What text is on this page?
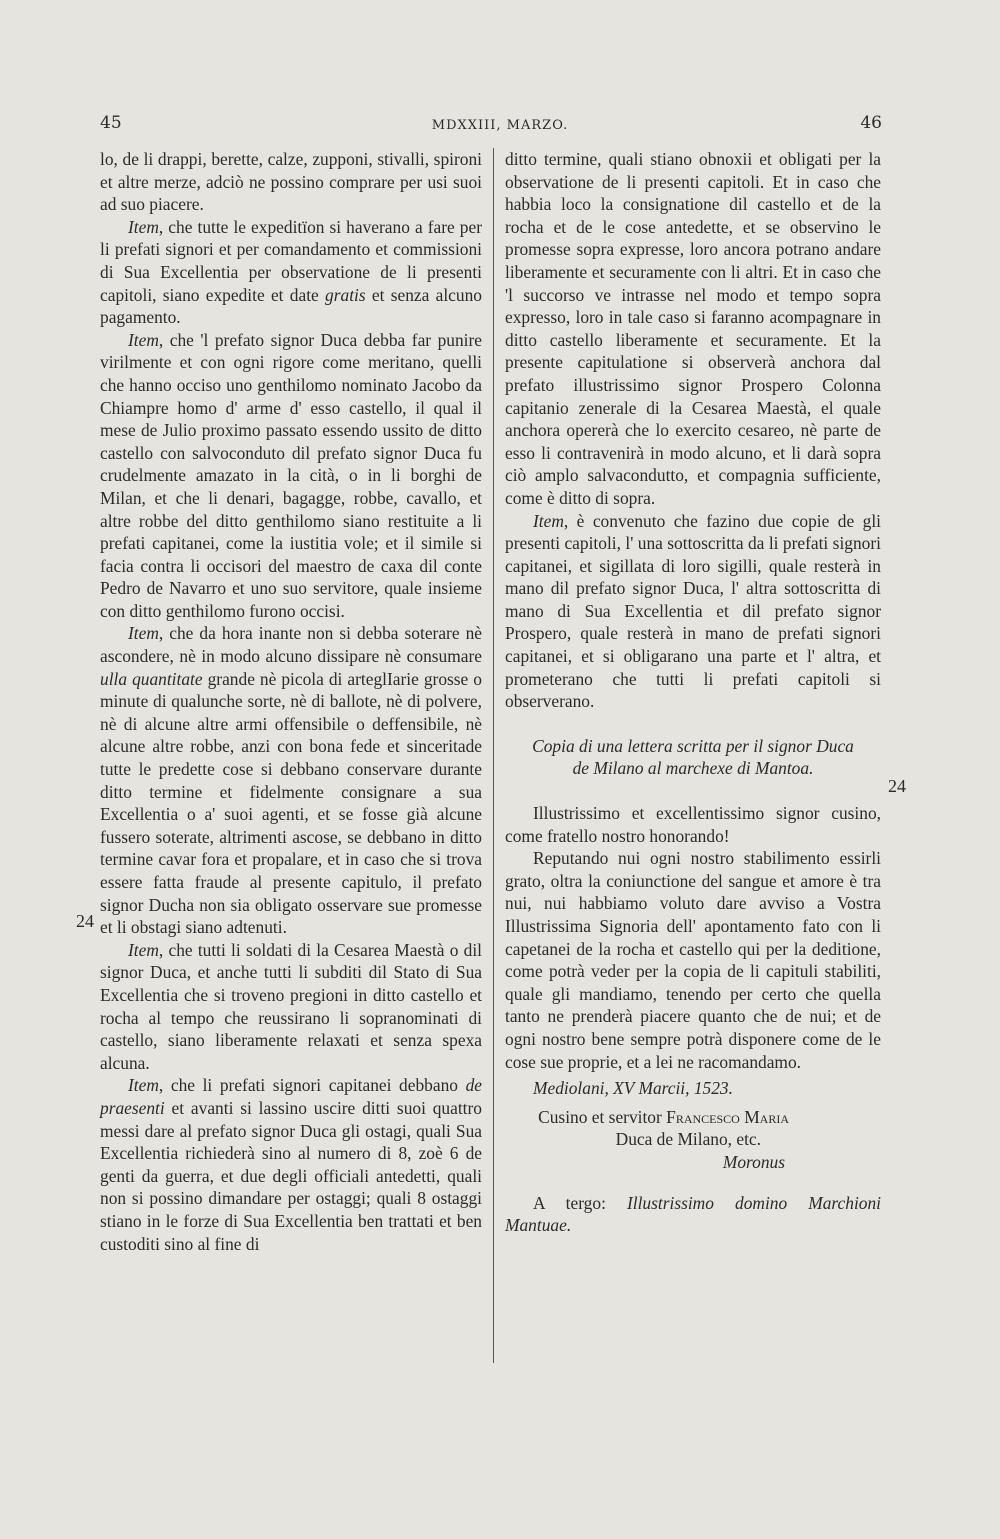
45	MDXXIII, MARZO.	46
24
24

lo, de li drappi, berette, calze, zupponi, stivalli, spironi et altre merze, adciò ne possino comprare per usi suoi ad suo piacere.

Item, che tutte le expeditïon si haverano a fare per li prefati signori et per comandamento et commissioni di Sua Excellentia per observatione de li presenti capitoli, siano expedite et date gratis et senza alcuno pagamento.

Item, che 'l prefato signor Duca debba far punire virilmente et con ogni rigore come meritano, quelli che hanno occiso uno genthilomo nominato Jacobo da Chiampre homo d' arme d' esso castello, il qual il mese de Julio proximo passato essendo ussito de ditto castello con salvoconduto dil prefato signor Duca fu crudelmente amazato in la cità, o in li borghi de Milan, et che li denari, bagagge, robbe, cavallo, et altre robbe del ditto genthilomo siano restituite a li prefati capitanei, come la iustitia vole; et il simile si facia contra li occisori del maestro de caxa dil conte Pedro de Navarro et uno suo servitore, quale insieme con ditto genthilomo furono occisi.

Item, che da hora inante non si debba soterare nè ascondere, nè in modo alcuno dissipare nè consumare ulla quantitate grande nè picola di arteglIarie grosse o minute di qualunche sorte, nè di ballote, nè di polvere, nè di alcune altre armi offensibile o deffensibile, nè alcune altre robbe, anzi con bona fede et sinceritade tutte le predette cose si debbano conservare durante ditto termine et fidelmente consignare a sua Excellentia o a' suoi agenti, et se fosse già alcune fussero soterate, altrimenti ascose, se debbano in ditto termine cavar fora et propalare, et in caso che si trova essere fatta fraude al presente capitulo, il prefato signor Ducha non sia obligato osservare sue promesse et li obstagi siano adtenuti.

Item, che tutti li soldati di la Cesarea Maestà o dil signor Duca, et anche tutti li subditi dil Stato di Sua Excellentia che si troveno pregioni in ditto castello et rocha al tempo che reussirano li sopranominati di castello, siano liberamente relaxati et senza spexa alcuna.

Item, che li prefati signori capitanei debbano de praesenti et avanti si lassino uscire ditti suoi quattro messi dare al prefato signor Duca gli ostagi, quali Sua Excellentia richiederà sino al numero di 8, zoè 6 de genti da guerra, et due degli officiali antedetti, quali non si possino dimandare per ostaggi; quali 8 ostaggi stiano in le forze di Sua Excellentia ben trattati et ben custoditi sino al fine di

ditto termine, quali stiano obnoxii et obligati per la observatione de li presenti capitoli. Et in caso che habbia loco la consignatione dil castello et de la rocha et de le cose antedette, et se observino le promesse sopra expresse, loro ancora potrano andare liberamente et securamente con li altri. Et in caso che 'l succorso ve intrasse nel modo et tempo sopra expresso, loro in tale caso si faranno acompagnare in ditto castello liberamente et securamente. Et la presente capitulatione si observerà anchora dal prefato illustrissimo signor Prospero Colonna capitanio zenerale di la Cesarea Maestà, el quale anchora opererà che lo exercito cesareo, nè parte de esso li contravenirà in modo alcuno, et li darà sopra ciò amplo salvacondutto, et compagnia sufficiente, come è ditto di sopra.

Item, è convenuto che fazino due copie de gli presenti capitoli, l' una sottoscritta da li prefati signori capitanei, et sigillata di loro sigilli, quale resterà in mano dil prefato signor Duca, l' altra sottoscritta di mano di Sua Excellentia et dil prefato signor Prospero, quale resterà in mano de prefati signori capitanei, et si obligarano una parte et l' altra, et prometerano che tutti li prefati capitoli si observerano.

Copia di una lettera scritta per il signor Duca
de Milano al marchexe di Mantoa.

Illustrissimo et excellentissimo signor cusino, come fratello nostro honorando!

Reputando nui ogni nostro stabilimento essirli grato, oltra la coniunctione del sangue et amore è tra nui, nui habbiamo voluto dare avviso a Vostra Illustrissima Signoria dell' apontamento fato con li capetanei de la rocha et castello qui per la deditione, come potrà veder per la copia de li capituli stabiliti, quale gli mandiamo, tenendo per certo che quella tanto ne prenderà piacere quanto che de nui; et de ogni nostro bene sempre potrà disponere come de le cose sue proprie, et a lei ne racomandamo.

Mediolani, XV Marcii, 1523.

Cusino et servitor Francesco Maria

Duca de Milano, etc.

Moronus

A tergo: Illustrissimo domino Marchioni Mantuae.
